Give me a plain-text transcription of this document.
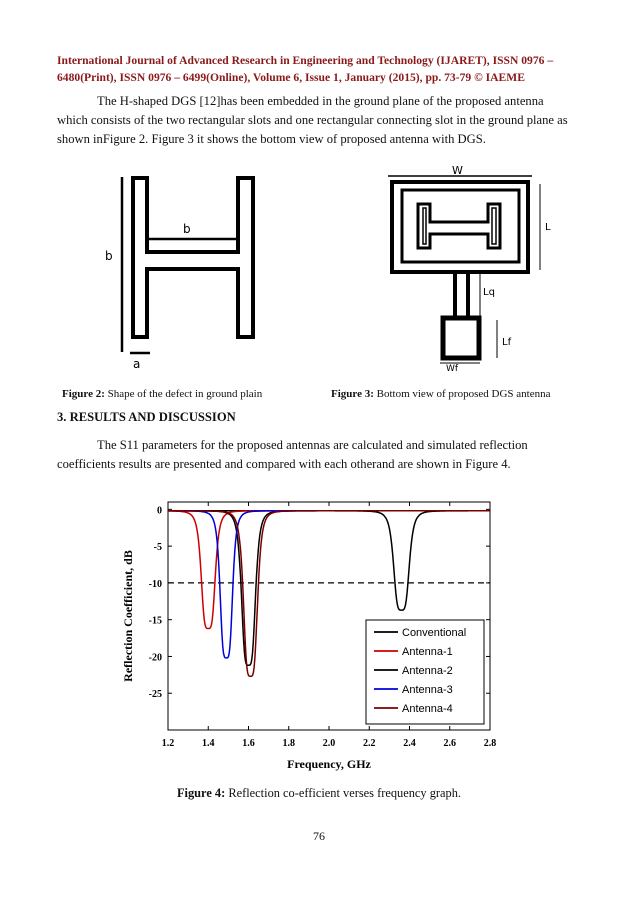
International Journal of Advanced Research in Engineering and Technology (IJARET), ISSN 0976 –
6480(Print), ISSN 0976 – 6499(Online), Volume 6, Issue 1, January (2015), pp. 73-79 © IAEME
The H-shaped DGS [12]has been embedded in the ground plane of the proposed antenna
which consists of the two rectangular slots and one rectangular connecting slot in the ground plane as
shown inFigure 2. Figure 3 it shows the bottom view of proposed antenna with DGS.
b
b
a
W
L
Lq
Lf
Wf
Figure 2: Shape of the defect in ground plain	Figure 3: Bottom view of proposed DGS antenna
3. RESULTS AND DISCUSSION
The S11 parameters for the proposed antennas are calculated and simulated reflection
coefficients results are presented and compared with each otherand are shown in Figure 4.
1.2	1.4	1.6	1.8	2.0	2.2	2.4	2.6	2.8
0
-5
-10
-15
-20
-25
Frequency, GHz
Reflection Coefficient, dB	Conventional
Antenna-1
Antenna-2
Antenna-3
Antenna-4
Figure 4: Reflection co-efficient verses frequency graph.
76
